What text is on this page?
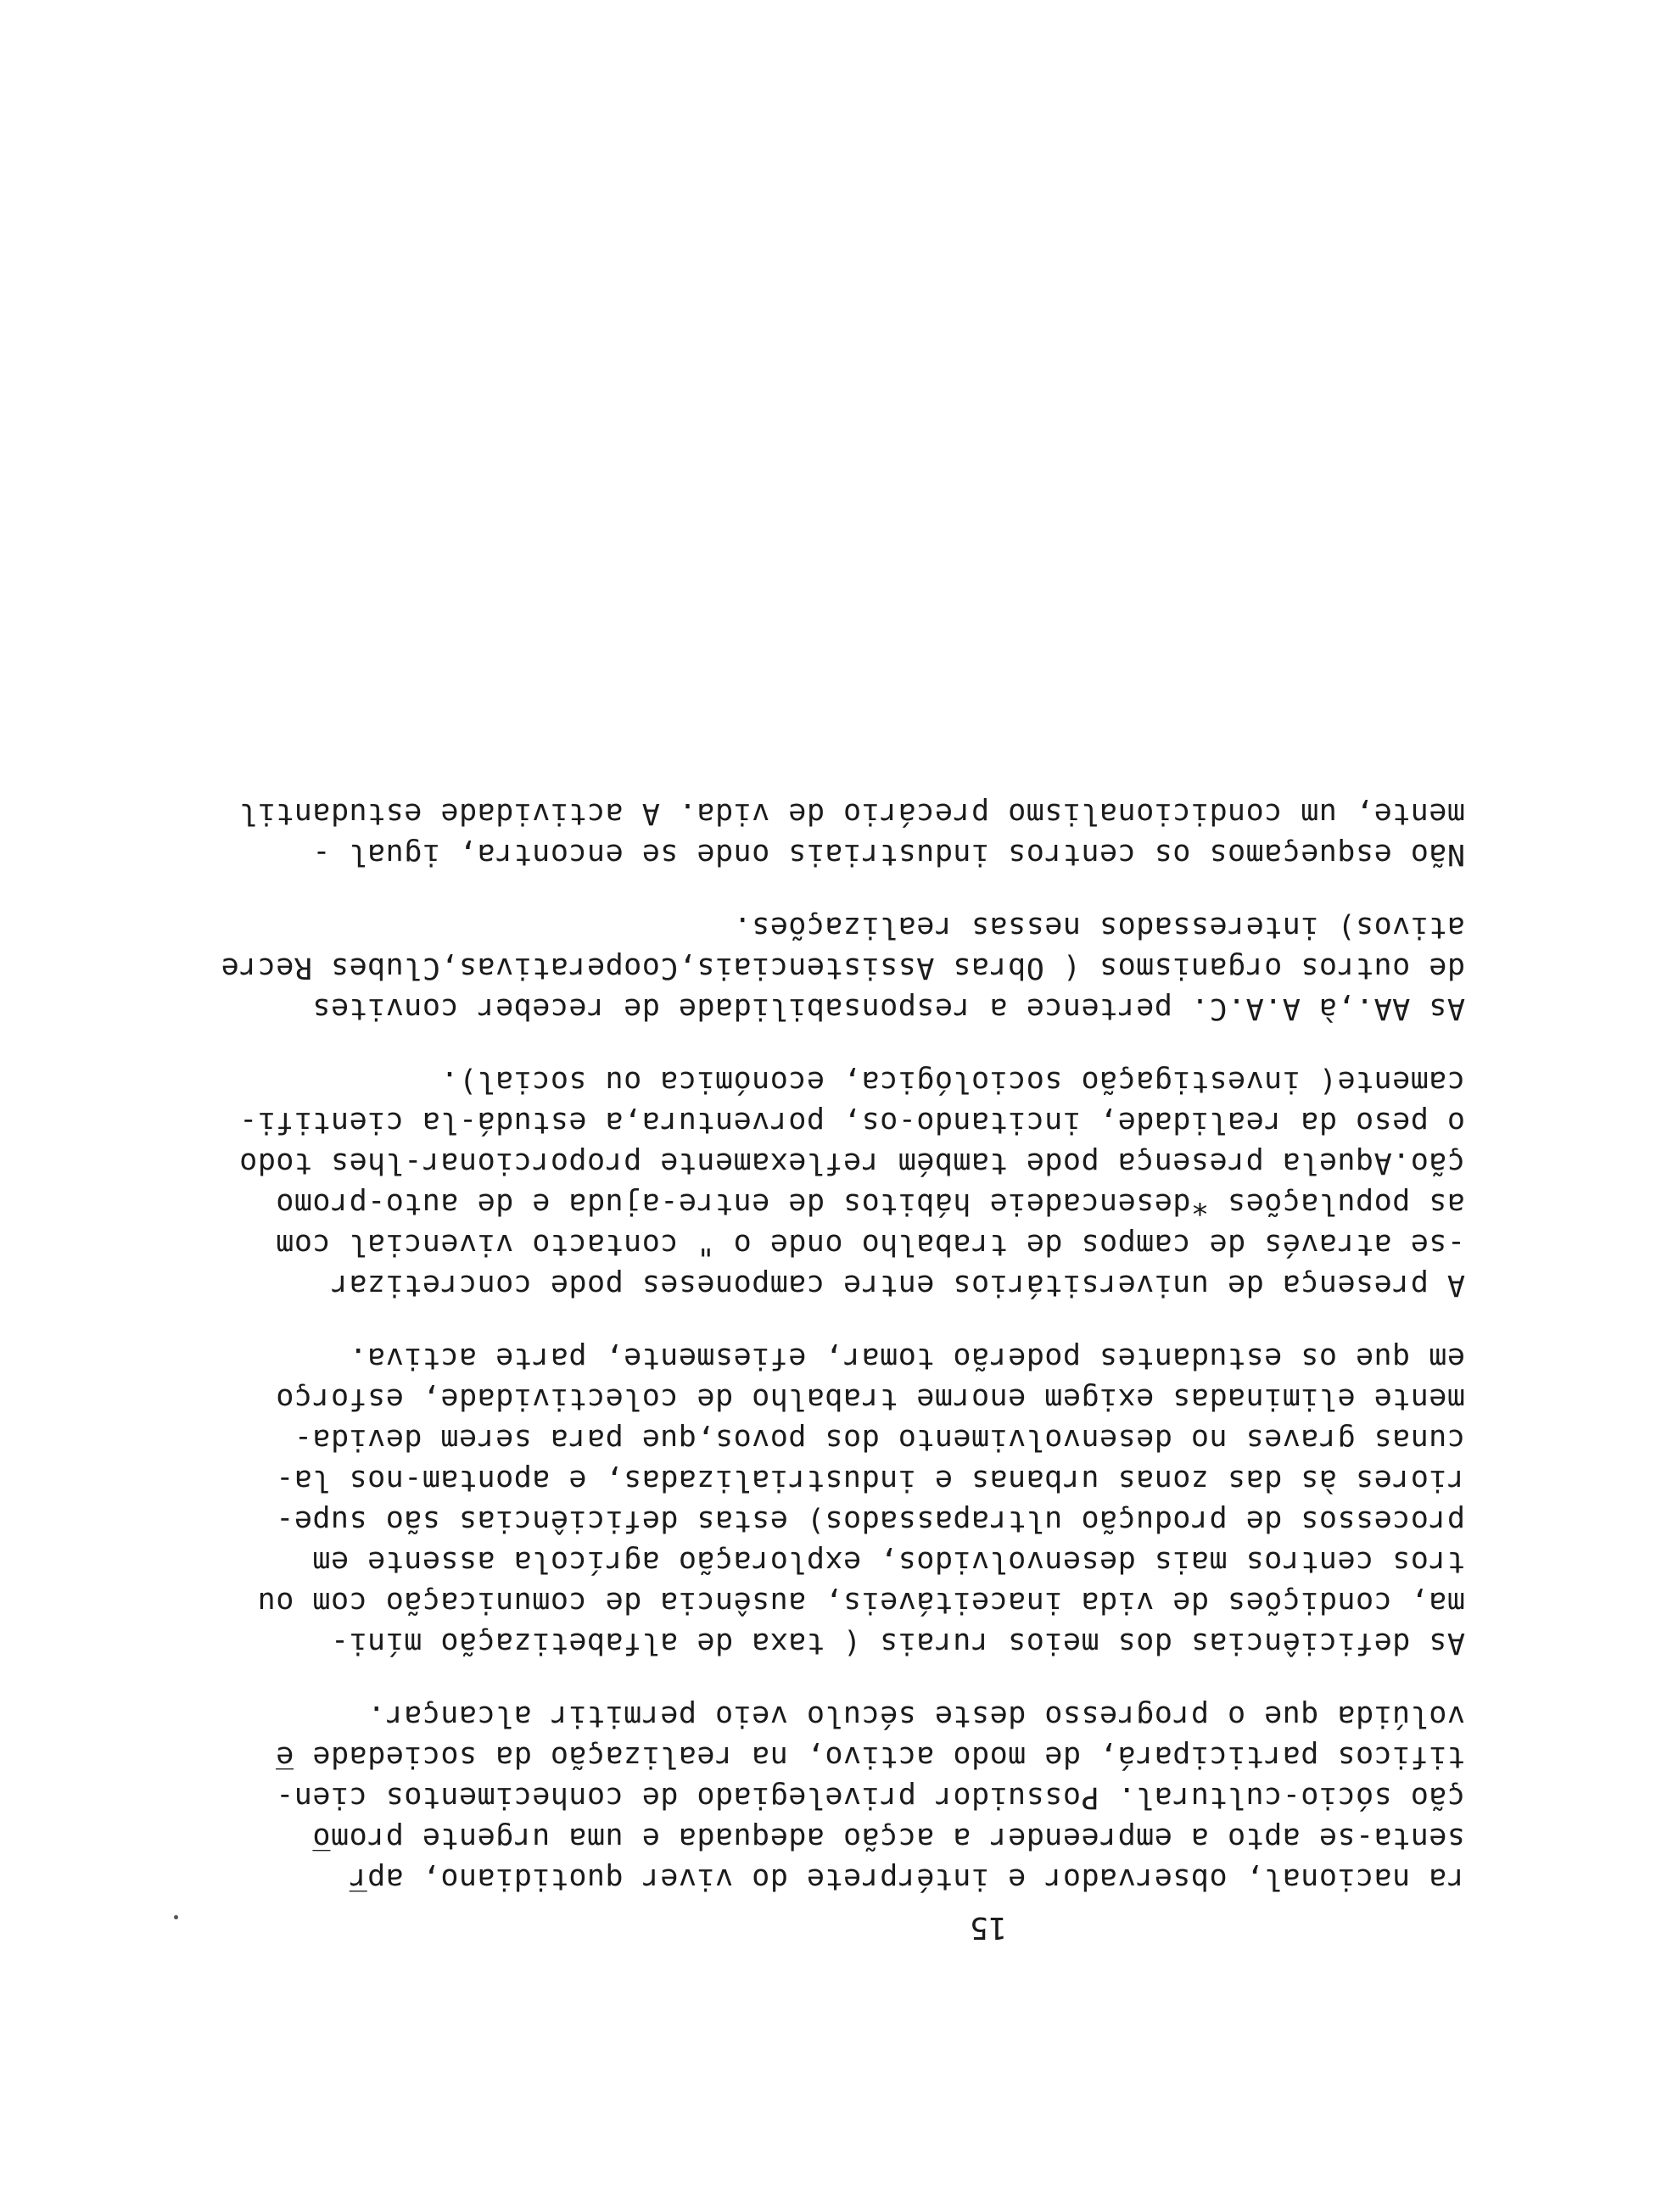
15
ra nacional, observador e intérprete do viver quotidiano, apr̅
senta-se apto a empreender a acção adequada e uma urgente promo̅
ção sócio-cultural. Possuidor privelegiado de conhecimentos cien-
tificos participará, de modo activo, na realização da sociedade e̅
volúida que o progresso deste século veio permitir alcançar.
As deficiências dos meios rurais ( taxa de alfabetização míni-
ma, condições de vida inaceitáveis, ausência de comunicação com ou
tros centros mais desenvolvidos, exploração agrícola assente em
processos de produção ultrapassados) estas deficiências são supe-
riores às das zonas urbanas e industrializadas, e apontam-nos la-
cunas graves no desenvolvimento dos povos,que para serem devida-
mente eliminadas exigem enorme trabalho de colectividade, esforço
em que os estudantes poderão tomar, efiesmente, parte activa.
A presença de universitários entre camponeses pode concretizar
-se através de campos de trabalho onde o " contacto vivencial com
as populações *desencadeie hábitos de entre-ajuda e de auto-promo
ção.Aquela presença pode também reflexamente proporcionar-lhes todo
o peso da realidade, incitando-os, porventura,a estudá-la cientifi-
camente( investigação sociológica, económica ou social).
As AA.,à A.A.C. pertence a responsabilidade de receber convites
de outros organismos ( Obras Assistenciais,Cooperativas,Clubes Recre
ativos) interessados nessas realizações.
Não esqueçamos os centros industriais onde se encontra, igual -
mente, um condicionalismo precário de vida. A actividade estudantil
